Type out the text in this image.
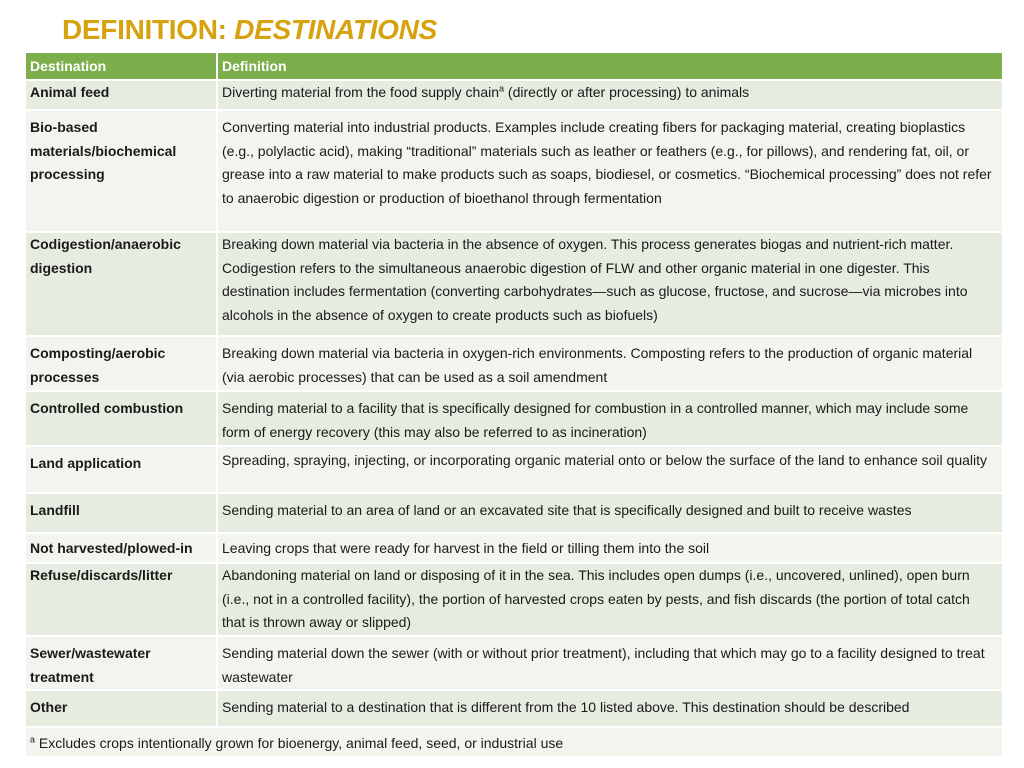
DEFINITION: DESTINATIONS
Destination	Definition
Animal feed	Diverting material from the food supply chain$^a$ (directly or after processing) to animals
Bio-based materials/biochemical processing	Converting material into industrial products. Examples include creating fibers for packaging material, creating bioplastics (e.g., polylactic acid), making “traditional” materials such as leather or feathers (e.g., for pillows), and rendering fat, oil, or grease into a raw material to make products such as soaps, biodiesel, or cosmetics. “Biochemical processing” does not refer to anaerobic digestion or production of bioethanol through fermentation
Codigestion/anaerobic digestion	Breaking down material via bacteria in the absence of oxygen. This process generates biogas and nutrient-rich matter. Codigestion refers to the simultaneous anaerobic digestion of FLW and other organic material in one digester. This destination includes fermentation (converting carbohydrates—such as glucose, fructose, and sucrose—via microbes into alcohols in the absence of oxygen to create products such as biofuels)
Composting/aerobic processes	Breaking down material via bacteria in oxygen-rich environments. Composting refers to the production of organic material (via aerobic processes) that can be used as a soil amendment
Controlled combustion	Sending material to a facility that is specifically designed for combustion in a controlled manner, which may include some form of energy recovery (this may also be referred to as incineration)
Land application	Spreading, spraying, injecting, or incorporating organic material onto or below the surface of the land to enhance soil quality
Landfill	Sending material to an area of land or an excavated site that is specifically designed and built to receive wastes
Not harvested/plowed-in	Leaving crops that were ready for harvest in the field or tilling them into the soil
Refuse/discards/litter	Abandoning material on land or disposing of it in the sea. This includes open dumps (i.e., uncovered, unlined), open burn (i.e., not in a controlled facility), the portion of harvested crops eaten by pests, and fish discards (the portion of total catch that is thrown away or slipped)
Sewer/wastewater treatment	Sending material down the sewer (with or without prior treatment), including that which may go to a facility designed to treat wastewater
Other	Sending material to a destination that is different from the 10 listed above. This destination should be described
$^a$ Excludes crops intentionally grown for bioenergy, animal feed, seed, or industrial use	
